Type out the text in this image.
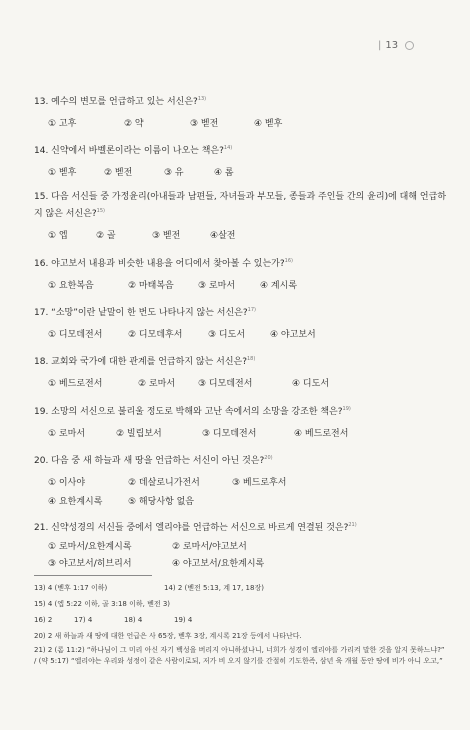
| 13
13. 예수의 변모를 언급하고 있는 서신은?$^{13)}$
① 고후	② 약	③ 벧전	④ 벧후
14. 신약에서 바벨론이라는 이름이 나오는 책은?$^{14)}$
① 벧후	② 벧전	③ 유	④ 롬
15. 다음 서신들 중 가정윤리(아내들과 남편들, 자녀들과 부모들, 종들과 주인들 간의 윤리)에 대해 언급하지 않은 서신은?$^{15)}$
① 엡	② 골	③ 벧전	④살전
16. 야고보서 내용과 비슷한 내용을 어디에서 찾아볼 수 있는가?$^{16)}$
① 요한복음	② 마태복음	③ 로마서	④ 계시록
17. “소망”이란 낱말이 한 번도 나타나지 않는 서신은?$^{17)}$
① 디모데전서	② 디모데후서	③ 디도서	④ 야고보서
18. 교회와 국가에 대한 관계를 언급하지 않는 서신은?$^{18)}$
① 베드로전서	② 로마서	③ 디모데전서	④ 디도서
19. 소망의 서신으로 불리울 정도로 박해와 고난 속에서의 소망을 강조한 책은?$^{19)}$
① 로마서	② 빌립보서	③ 디모데전서	④ 베드로전서
20. 다음 중 새 하늘과 새 땅을 언급하는 서신이 아닌 것은?$^{20)}$
① 이사야	② 데살로니가전서	③ 베드로후서
④ 요한계시록	⑤ 해당사항 없음
21. 신약성경의 서신들 중에서 엘리야를 언급하는 서신으로 바르게 연결된 것은?$^{21)}$
① 로마서/요한계시록	② 로마서/야고보서
③ 야고보서/히브리서	④ 야고보서/요한계시록
13) 4 (벧후 1:17 이하)	14) 2 (벧전 5:13, 계 17, 18장)
15) 4 (엡 5:22 이하, 골 3:18 이하, 벧전 3)
16) 2	17) 4	18) 4	19) 4
20) 2 새 하늘과 새 땅에 대한 언급은 사 65장, 벧후 3장, 계시록 21장 등에서 나타난다.
21) 2 (롬 11:2) “하나님이 그 미리 아신 자기 백성을 버리지 아니하셨나니, 너희가 성경이 엘리야를 가리켜 말한 것을 알지 못하느냐?” / (약 5:17) “엘리야는 우리와 성정이 같은 사람이로되, 저가 비 오지 않기를 간절히 기도한즉, 삼년 육 개월 동안 땅에 비가 아니 오고,”
